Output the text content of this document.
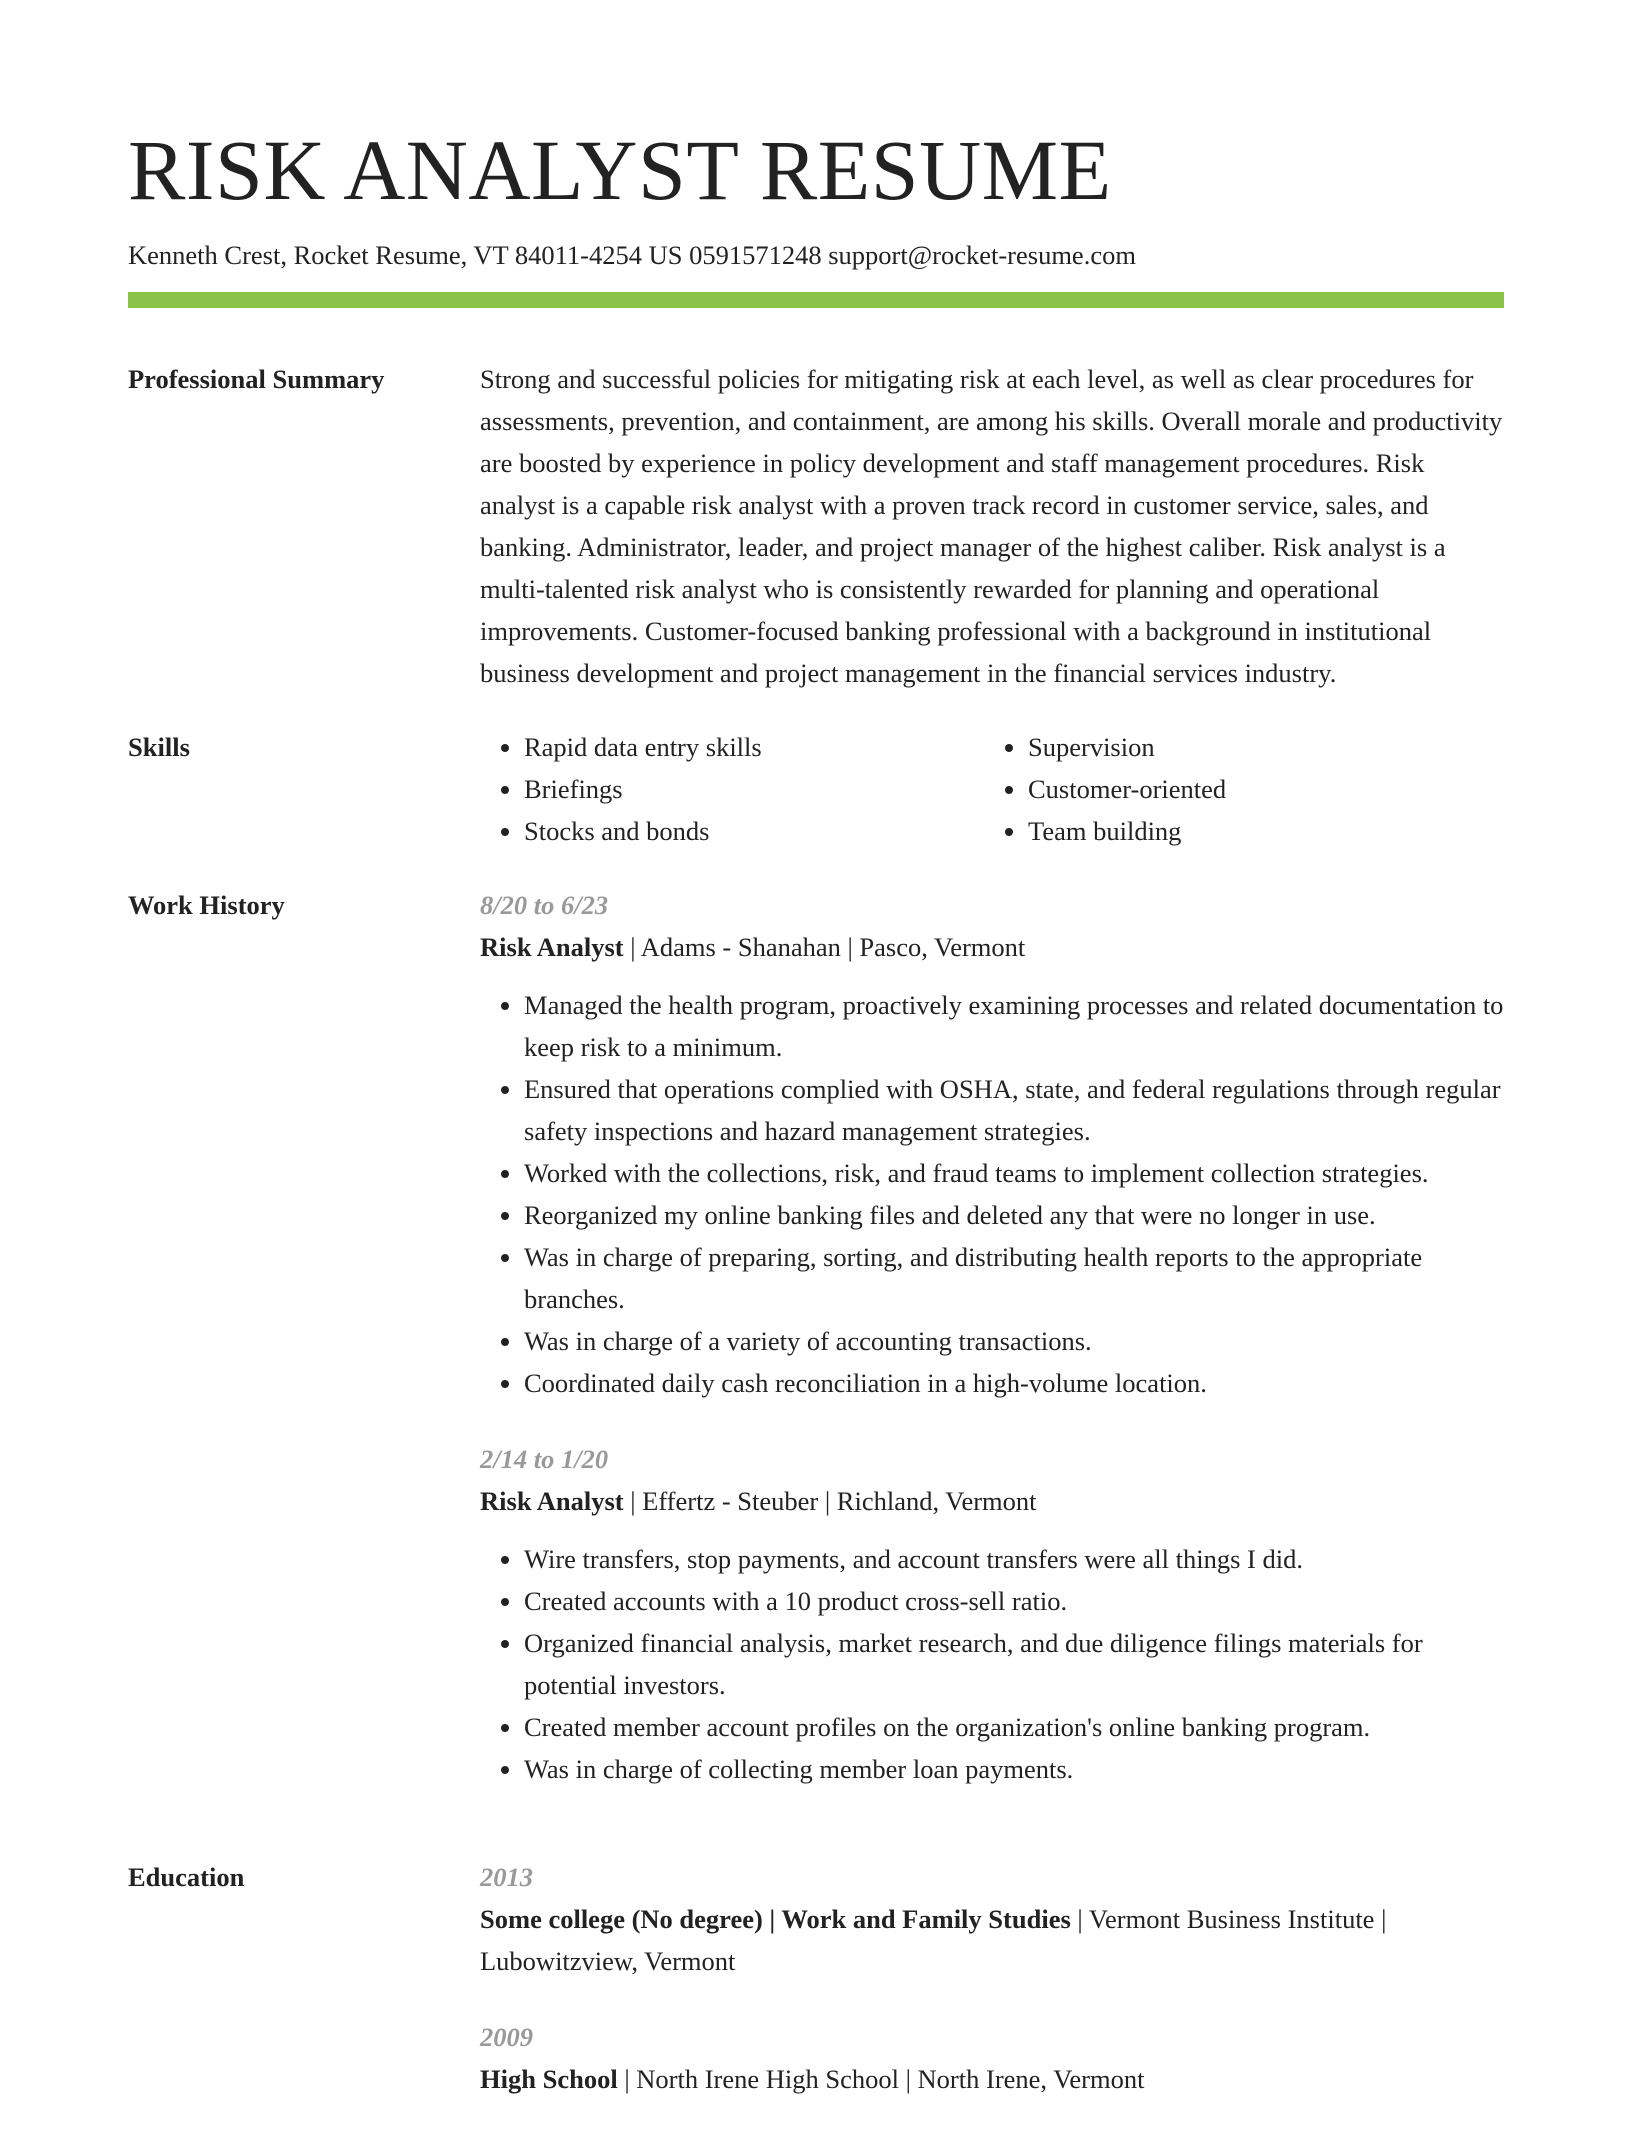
RISK ANALYST RESUME
Kenneth Crest, Rocket Resume, VT 84011-4254 US 0591571248 support@rocket-resume.com
Professional Summary	Strong and successful policies for mitigating risk at each level, as well as clear procedures for assessments, prevention, and containment, are among his skills. Overall morale and productivity are boosted by experience in policy development and staff management procedures. Risk analyst is a capable risk analyst with a proven track record in customer service, sales, and banking. Administrator, leader, and project manager of the highest caliber. Risk analyst is a multi-talented risk analyst who is consistently rewarded for planning and operational improvements. Customer-focused banking professional with a background in institutional business development and project management in the financial services industry.
Skills
•	Rapid data entry skills
• Briefings
• Stocks and bonds
• Supervision
• Customer-oriented
• Team building
Work History	8/20 to 6/23
Risk Analyst | Adams - Shanahan | Pasco, Vermont
• Managed the health program, proactively examining processes and related documentation to keep risk to a minimum.
• Ensured that operations complied with OSHA, state, and federal regulations through regular safety inspections and hazard management strategies.
• Worked with the collections, risk, and fraud teams to implement collection strategies.
• Reorganized my online banking files and deleted any that were no longer in use.
• Was in charge of preparing, sorting, and distributing health reports to the appropriate branches.
• Was in charge of a variety of accounting transactions.
• Coordinated daily cash reconciliation in a high-volume location.
2/14 to 1/20
Risk Analyst | Effertz - Steuber | Richland, Vermont
• Wire transfers, stop payments, and account transfers were all things I did.
• Created accounts with a 10 product cross-sell ratio.
• Organized financial analysis, market research, and due diligence filings materials for potential investors.
• Created member account profiles on the organization's online banking program.
• Was in charge of collecting member loan payments.
Education	2013
Some college (No degree) | Work and Family Studies | Vermont Business Institute | Lubowitzview, Vermont
2009
High School | North Irene High School | North Irene, Vermont
